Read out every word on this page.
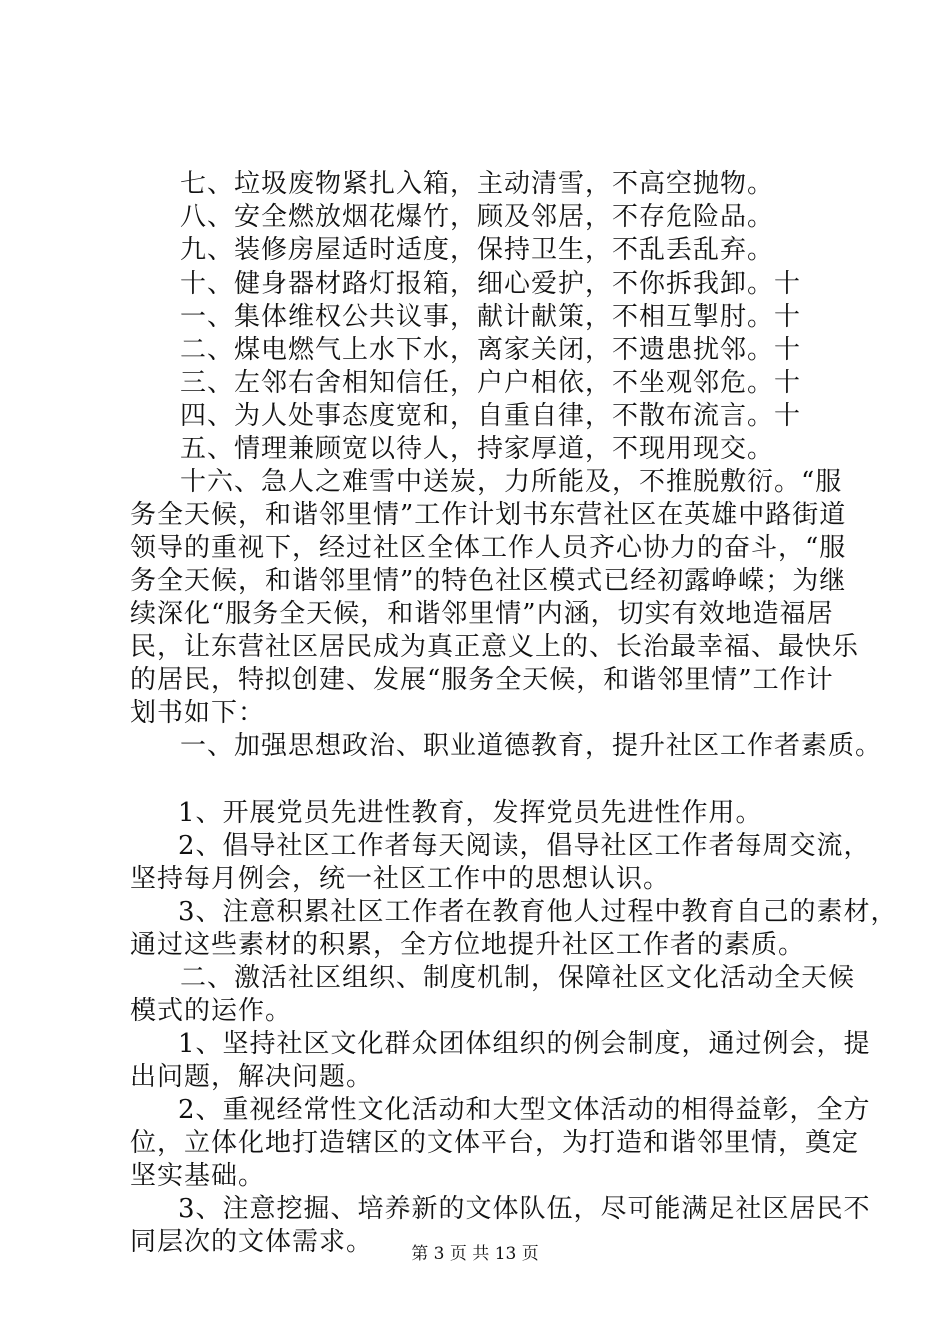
七、垃圾废物紧扎入箱，主动清雪，不高空抛物。
八、安全燃放烟花爆竹，顾及邻居，不存危险品。
九、装修房屋适时适度，保持卫生，不乱丢乱弃。
十、健身器材路灯报箱，细心爱护，不你拆我卸。十
一、集体维权公共议事，献计献策，不相互掣肘。十
二、煤电燃气上水下水，离家关闭，不遗患扰邻。十
三、左邻右舍相知信任，户户相依，不坐观邻危。十
四、为人处事态度宽和，自重自律，不散布流言。十
五、情理兼顾宽以待人，持家厚道，不现用现交。
十六、急人之难雪中送炭，力所能及，不推脱敷衍。“服
务全天候，和谐邻里情”工作计划书东营社区在英雄中路街道
领导的重视下，经过社区全体工作人员齐心协力的奋斗，“服
务全天候，和谐邻里情”的特色社区模式已经初露峥嵘；为继
续深化“服务全天候，和谐邻里情”内涵，切实有效地造福居
民，让东营社区居民成为真正意义上的、长治最幸福、最快乐
的居民，特拟创建、发展“服务全天候，和谐邻里情”工作计
划书如下：
一、加强思想政治、职业道德教育，提升社区工作者素质。
1、开展党员先进性教育，发挥党员先进性作用。
2、倡导社区工作者每天阅读，倡导社区工作者每周交流，
坚持每月例会，统一社区工作中的思想认识。
3、注意积累社区工作者在教育他人过程中教育自己的素材，
通过这些素材的积累，全方位地提升社区工作者的素质。
二、激活社区组织、制度机制，保障社区文化活动全天候
模式的运作。
1、坚持社区文化群众团体组织的例会制度，通过例会，提
出问题，解决问题。
2、重视经常性文化活动和大型文体活动的相得益彰，全方
位，立体化地打造辖区的文体平台，为打造和谐邻里情，奠定
坚实基础。
3、注意挖掘、培养新的文体队伍，尽可能满足社区居民不
同层次的文体需求。	第 3 页 共 13 页
